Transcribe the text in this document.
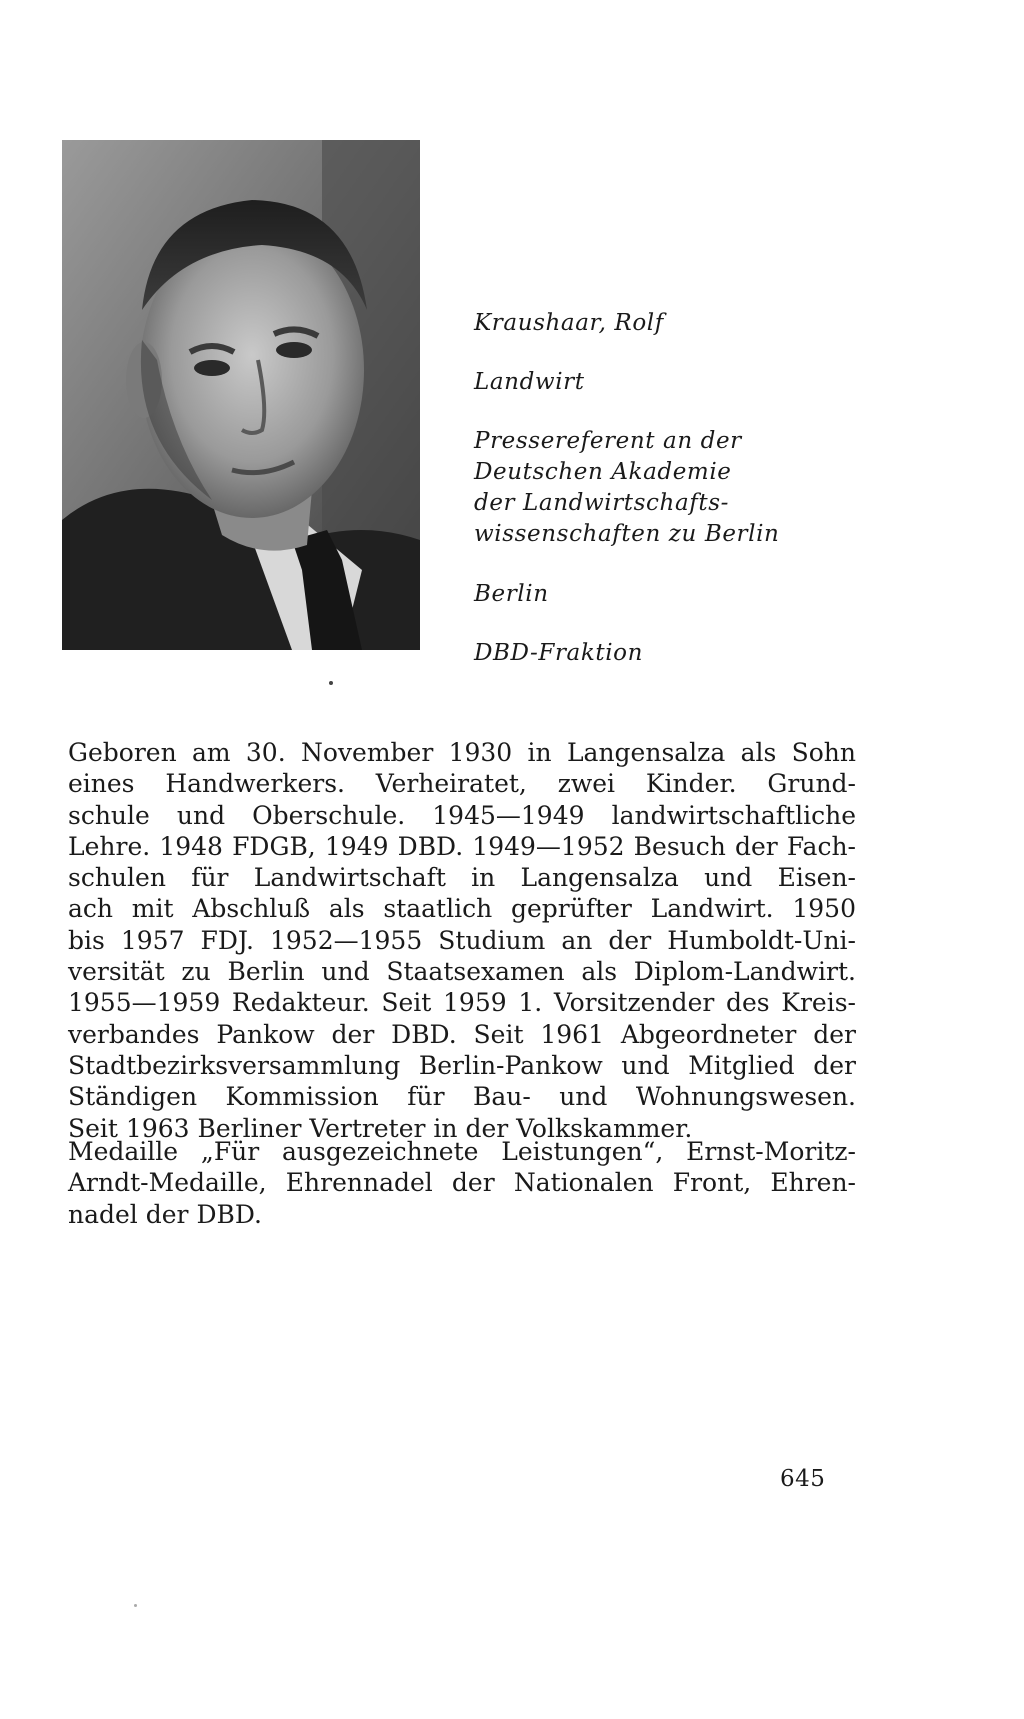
Kraushaar, Rolf
Landwirt
Pressereferent an der
Deutschen Akademie
der Landwirtschafts-
wissenschaften zu Berlin
Berlin
DBD-Fraktion
Geboren am 30. November 1930 in Langensalza als Sohn
eines Handwerkers. Verheiratet, zwei Kinder. Grund-
schule und Oberschule. 1945—1949 landwirtschaftliche
Lehre. 1948 FDGB, 1949 DBD. 1949—1952 Besuch der Fach-
schulen für Landwirtschaft in Langensalza und Eisen-
ach mit Abschluß als staatlich geprüfter Landwirt. 1950
bis 1957 FDJ. 1952—1955 Studium an der Humboldt-Uni-
versität zu Berlin und Staatsexamen als Diplom-Landwirt.
1955—1959 Redakteur. Seit 1959 1. Vorsitzender des Kreis-
verbandes Pankow der DBD. Seit 1961 Abgeordneter der
Stadtbezirksversammlung Berlin-Pankow und Mitglied der
Ständigen Kommission für Bau- und Wohnungswesen.
Seit 1963 Berliner Vertreter in der Volkskammer.
Medaille „Für ausgezeichnete Leistungen“, Ernst-Moritz-
Arndt-Medaille, Ehrennadel der Nationalen Front, Ehren-
nadel der DBD.
645
